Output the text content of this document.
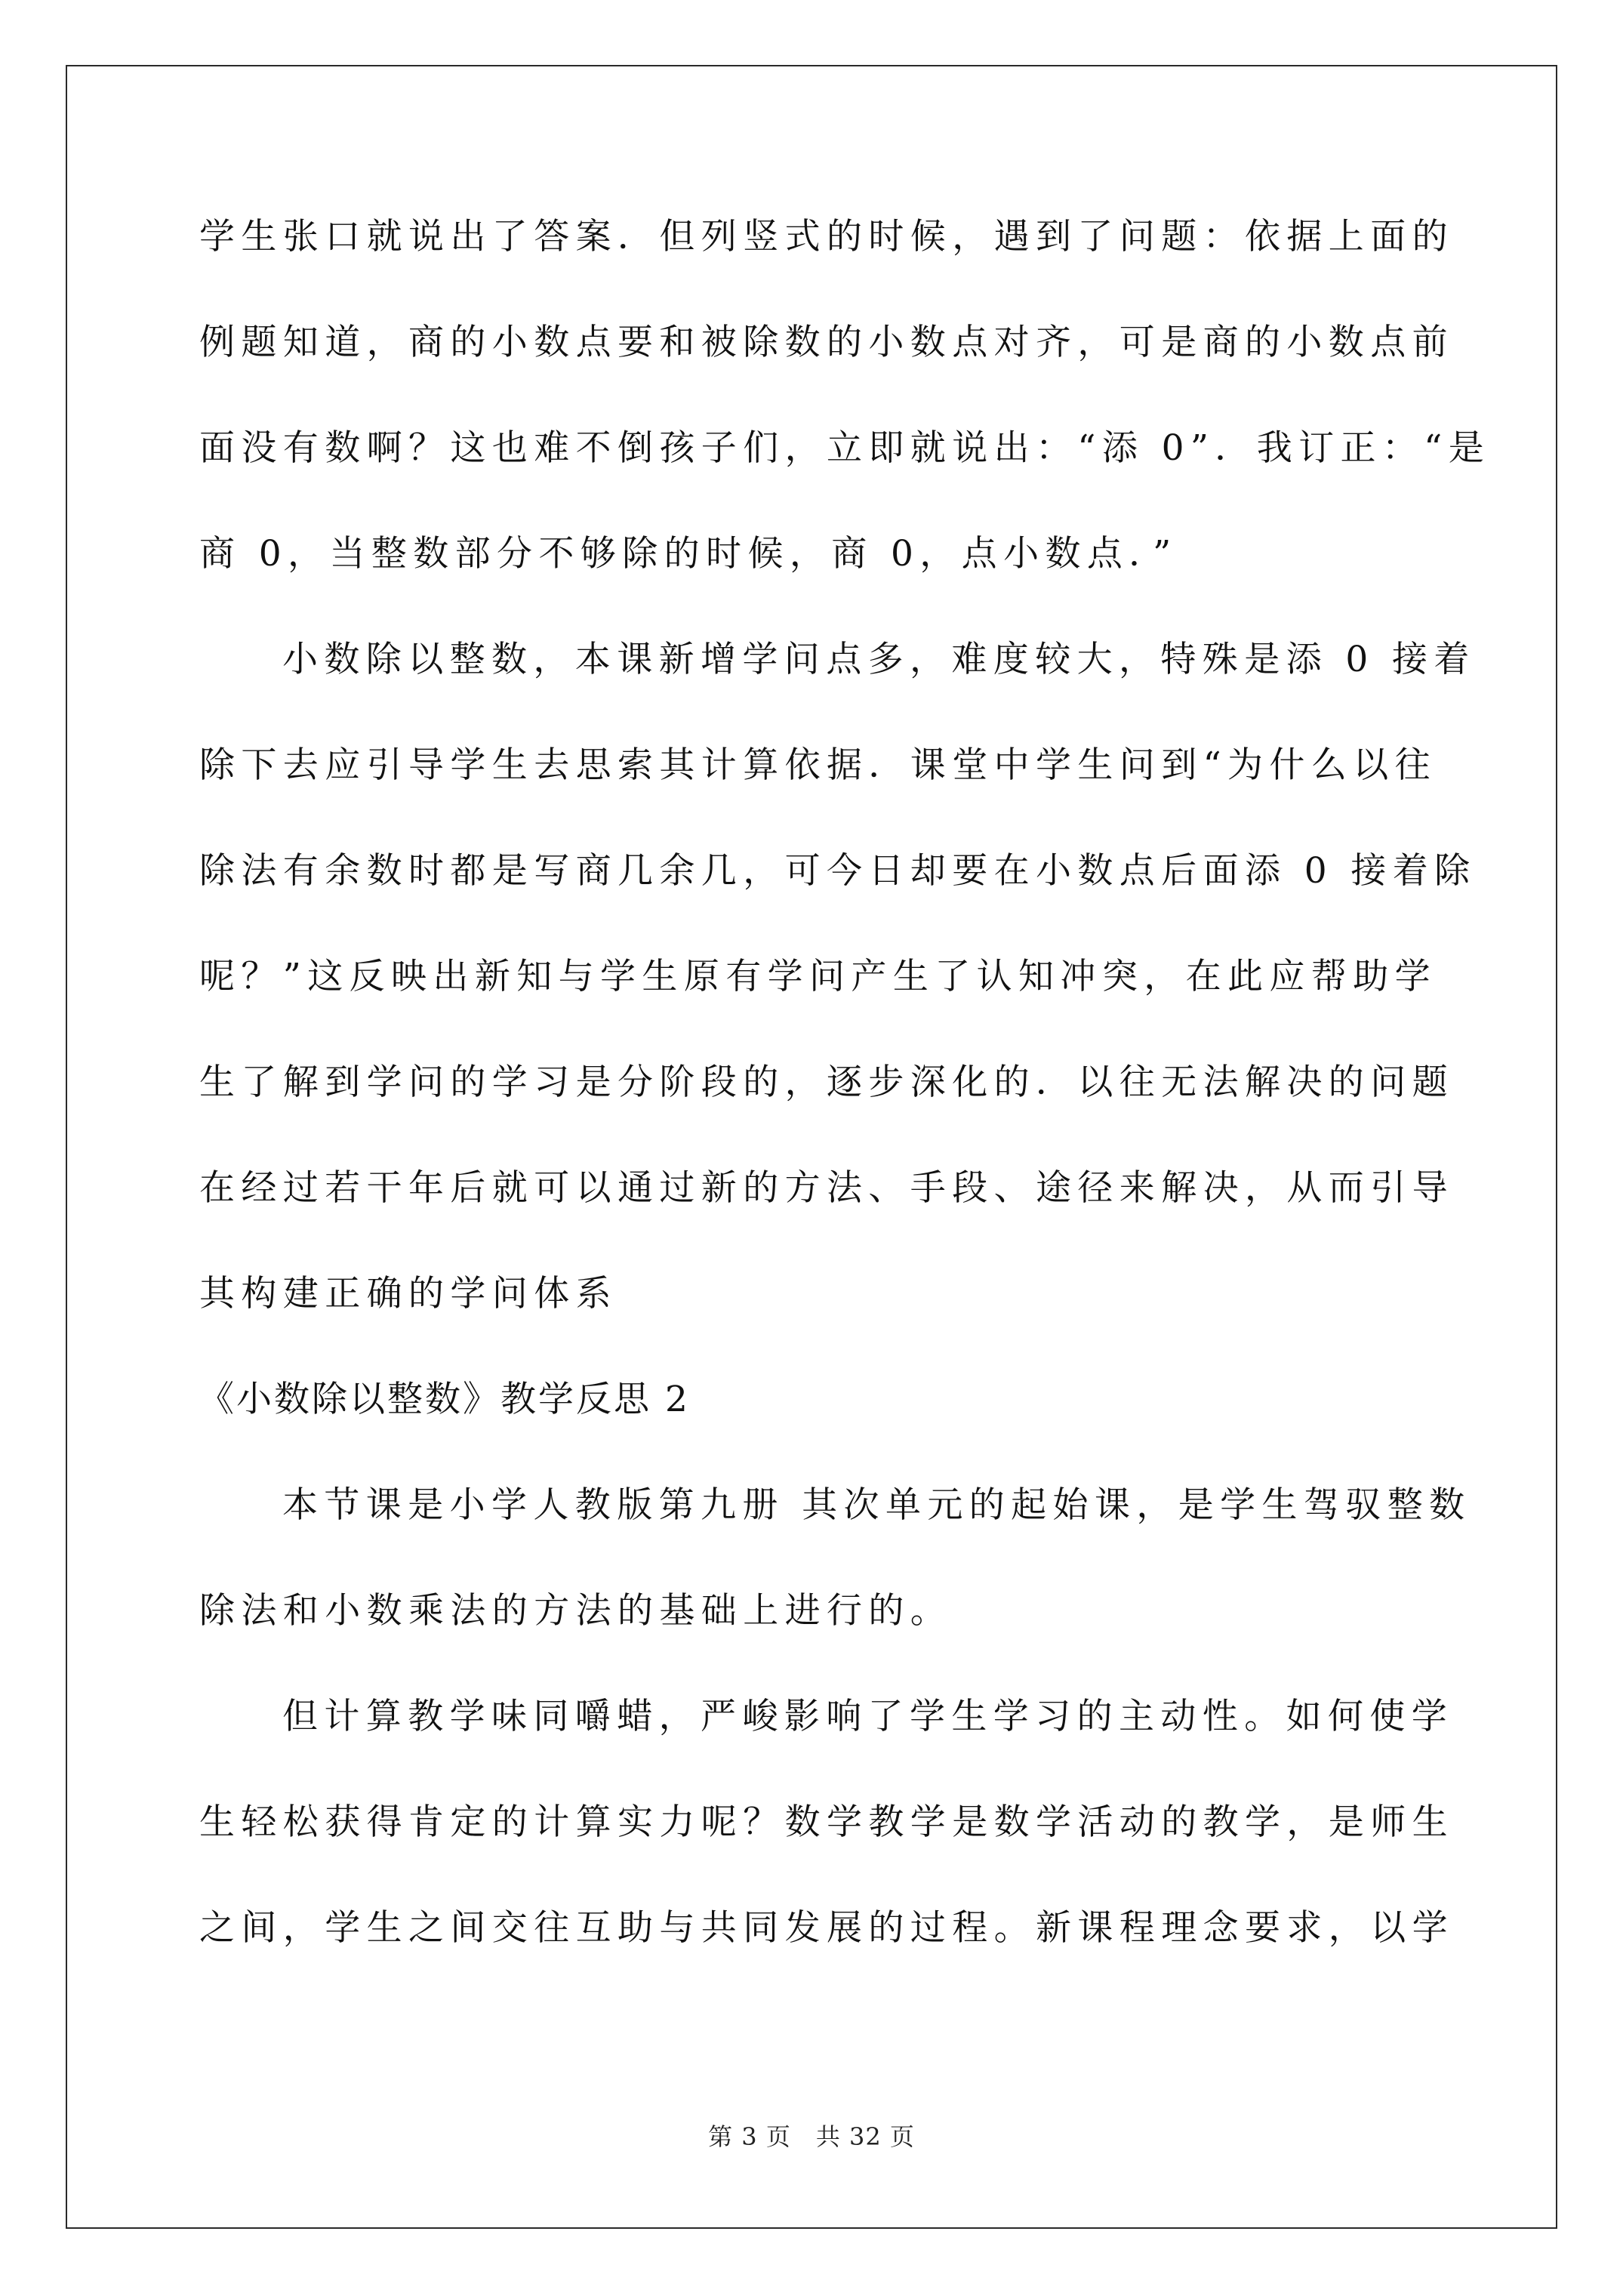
学生张口就说出了答案．但列竖式的时候，遇到了问题：依据上面的
例题知道，商的小数点要和被除数的小数点对齐，可是商的小数点前
面没有数啊？这也难不倒孩子们，立即就说出：“添 0”．我订正：“是
商 0，当整数部分不够除的时候，商 0，点小数点．”
小数除以整数，本课新增学问点多，难度较大，特殊是添 0 接着
除下去应引导学生去思索其计算依据．课堂中学生问到“为什么以往
除法有余数时都是写商几余几，可今日却要在小数点后面添 0 接着除
呢？”这反映出新知与学生原有学问产生了认知冲突，在此应帮助学
生了解到学问的学习是分阶段的，逐步深化的．以往无法解决的问题
在经过若干年后就可以通过新的方法、手段、途径来解决，从而引导
其构建正确的学问体系
《小数除以整数》教学反思 2
本节课是小学人教版第九册 其次单元的起始课，是学生驾驭整数
除法和小数乘法的方法的基础上进行的。
但计算教学味同嚼蜡，严峻影响了学生学习的主动性。如何使学
生轻松获得肯定的计算实力呢？数学教学是数学活动的教学，是师生
之间，学生之间交往互助与共同发展的过程。新课程理念要求，以学
第 3 页　共 32 页
